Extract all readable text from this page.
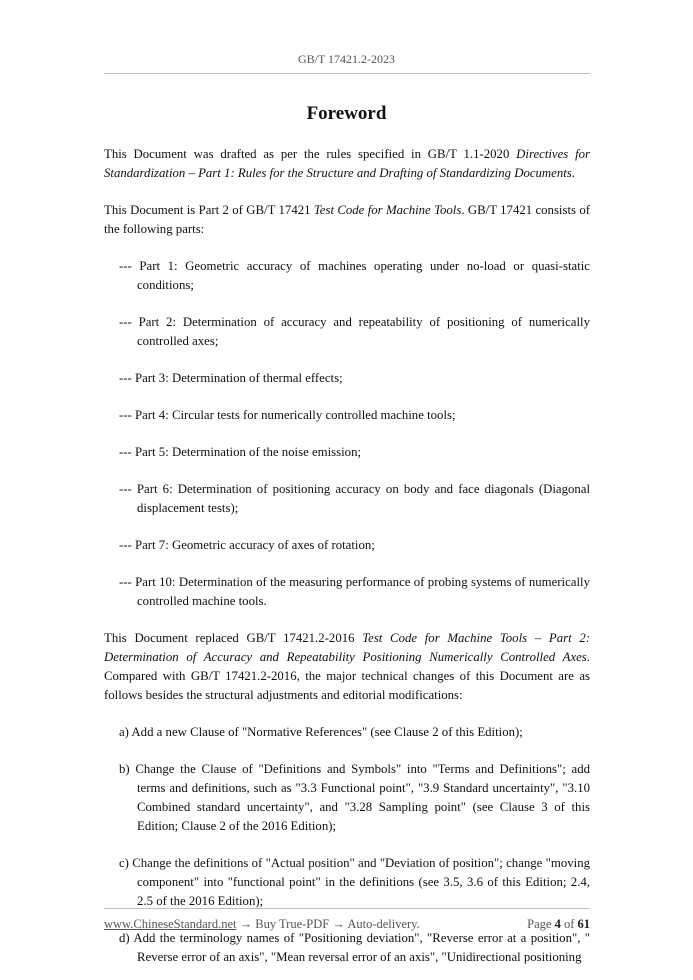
GB/T 17421.2-2023
Foreword

This Document was drafted as per the rules specified in GB/T 1.1-2020 Directives for Standardization – Part 1: Rules for the Structure and Drafting of Standardizing Documents.

This Document is Part 2 of GB/T 17421 Test Code for Machine Tools. GB/T 17421 consists of the following parts:

--- Part 1: Geometric accuracy of machines operating under no-load or quasi-static conditions;

--- Part 2: Determination of accuracy and repeatability of positioning of numerically controlled axes;

--- Part 3: Determination of thermal effects;

--- Part 4: Circular tests for numerically controlled machine tools;

--- Part 5: Determination of the noise emission;

--- Part 6: Determination of positioning accuracy on body and face diagonals (Diagonal displacement tests);

--- Part 7: Geometric accuracy of axes of rotation;

--- Part 10: Determination of the measuring performance of probing systems of numerically controlled machine tools.

This Document replaced GB/T 17421.2-2016 Test Code for Machine Tools – Part 2: Determination of Accuracy and Repeatability Positioning Numerically Controlled Axes. Compared with GB/T 17421.2-2016, the major technical changes of this Document are as follows besides the structural adjustments and editorial modifications:

a) Add a new Clause of "Normative References" (see Clause 2 of this Edition);

b) Change the Clause of "Definitions and Symbols" into "Terms and Definitions"; add terms and definitions, such as "3.3 Functional point", "3.9 Standard uncertainty", "3.10 Combined standard uncertainty", and "3.28 Sampling point" (see Clause 3 of this Edition; Clause 2 of the 2016 Edition);

c) Change the definitions of "Actual position" and "Deviation of position"; change "moving component" into "functional point" in the definitions (see 3.5, 3.6 of this Edition; 2.4, 2.5 of the 2016 Edition);

d) Add the terminology names of "Positioning deviation", "Reverse error at a position", " Reverse error of an axis", "Mean reversal error of an axis", "Unidirectional positioning

www.ChineseStandard.net → Buy True-PDF → Auto-delivery.	Page 4 of 61
